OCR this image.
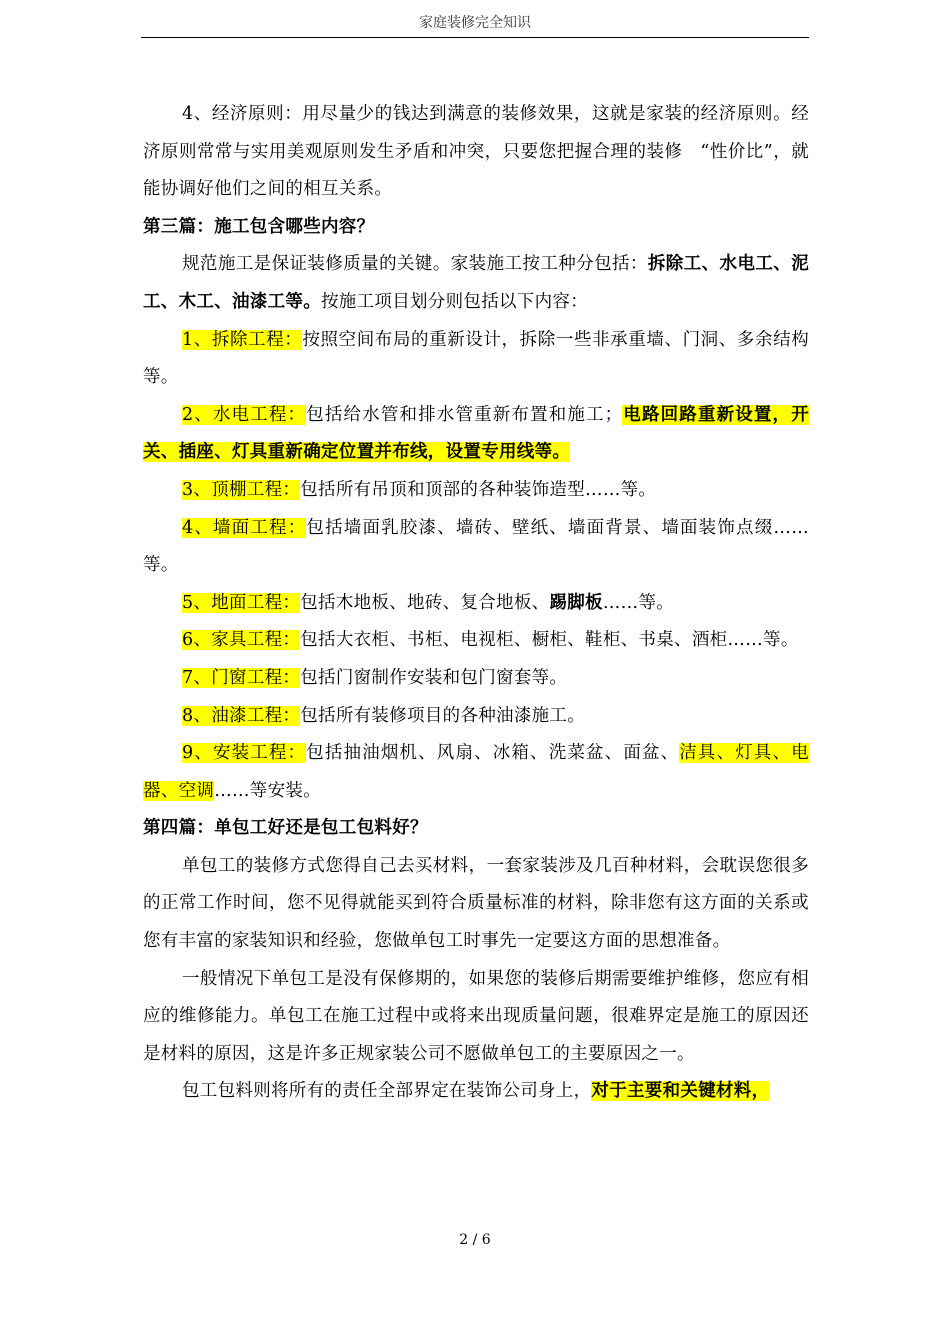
家庭装修完全知识

4、经济原则：用尽量少的钱达到满意的装修效果，这就是家装的经济原则。经济原则常常与实用美观原则发生矛盾和冲突，只要您把握合理的装修　“性价比”，就能协调好他们之间的相互关系。

第三篇：施工包含哪些内容？

规范施工是保证装修质量的关键。家装施工按工种分包括：拆除工、水电工、泥工、木工、油漆工等。按施工项目划分则包括以下内容：

1、拆除工程：按照空间布局的重新设计，拆除一些非承重墙、门洞、多余结构等。

2、水电工程：包括给水管和排水管重新布置和施工；电路回路重新设置，开关、插座、灯具重新确定位置并布线，设置专用线等。

3、顶棚工程：包括所有吊顶和顶部的各种装饰造型……等。

4、墙面工程：包括墙面乳胶漆、墙砖、壁纸、墙面背景、墙面装饰点缀……等。

5、地面工程：包括木地板、地砖、复合地板、踢脚板……等。

6、家具工程：包括大衣柜、书柜、电视柜、橱柜、鞋柜、书桌、酒柜……等。

7、门窗工程：包括门窗制作安装和包门窗套等。

8、油漆工程：包括所有装修项目的各种油漆施工。

9、安装工程：包括抽油烟机、风扇、冰箱、洗菜盆、面盆、洁具、灯具、电器、空调……等安装。

第四篇：单包工好还是包工包料好？

单包工的装修方式您得自己去买材料，一套家装涉及几百种材料，会耽误您很多的正常工作时间，您不见得就能买到符合质量标准的材料，除非您有这方面的关系或您有丰富的家装知识和经验，您做单包工时事先一定要这方面的思想准备。

一般情况下单包工是没有保修期的，如果您的装修后期需要维护维修，您应有相应的维修能力。单包工在施工过程中或将来出现质量问题，很难界定是施工的原因还是材料的原因，这是许多正规家装公司不愿做单包工的主要原因之一。

包工包料则将所有的责任全部界定在装饰公司身上，对于主要和关键材料，

2 / 6
